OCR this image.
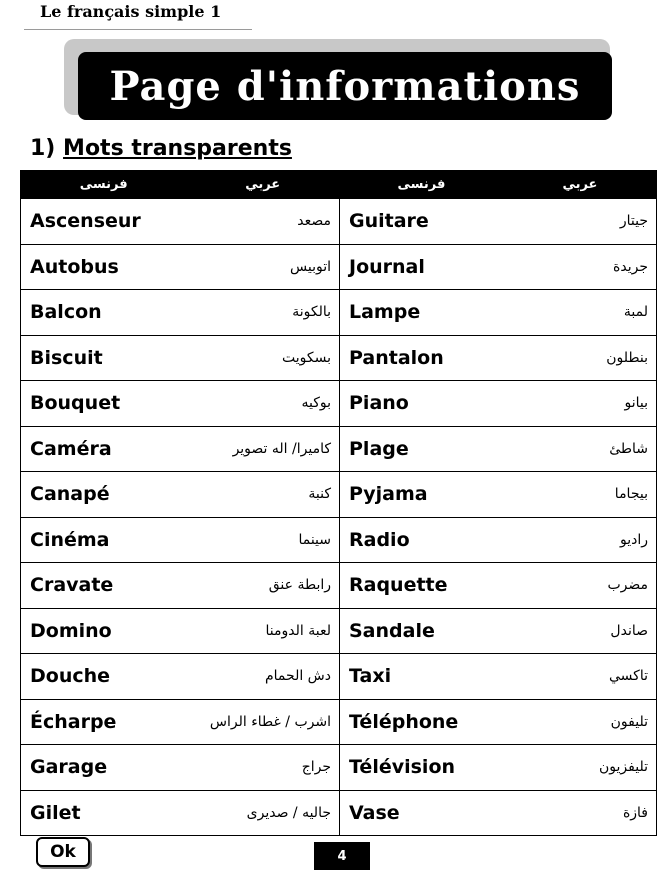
Le français simple 1
Page d'informations
1) Mots transparents
فرنسى	عربي	فرنسى	عربي
Ascenseur	مصعد Guitare	جيتار
Autobus	اتوبيس Journal	جريدة
Balcon	بالكونة Lampe	لمبة
Biscuit	بسكويت Pantalon	بنطلون
Bouquet	بوكيه Piano	بيانو
Caméra	كاميرا/ اله تصوير Plage	شاطئ
Canapé	كنبة Pyjama	بيجاما
Cinéma	سينما Radio	راديو
Cravate	رابطة عنق Raquette	مضرب
Domino	لعبة الدومنا Sandale	صاندل
Douche	دش الحمام Taxi	تاكسي
Écharpe	اشرب / غطاء الراس Téléphone	تليفون
Garage	جراج Télévision	تليفزيون
Gilet	جاليه / صديرى Vase	فازة
Ok	4
